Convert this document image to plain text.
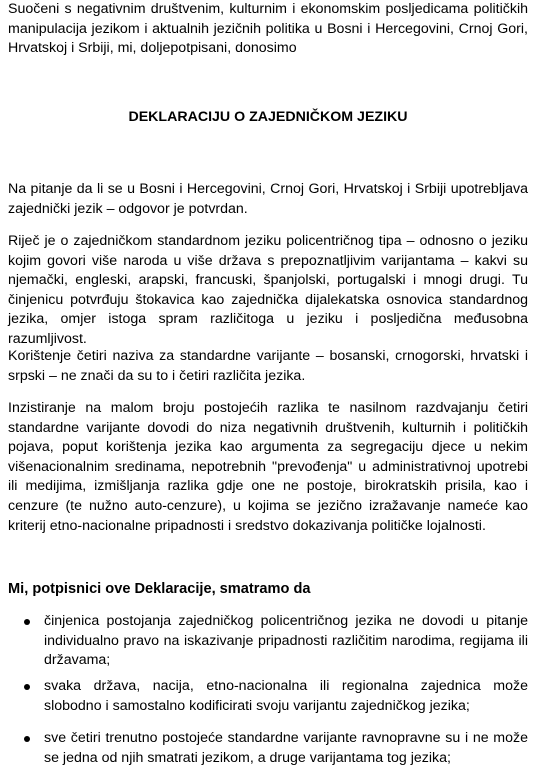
Suočeni s negativnim društvenim, kulturnim i ekonomskim posljedicama političkih manipulacija jezikom i aktualnih jezičnih politika u Bosni i Hercegovini, Crnoj Gori, Hrvatskoj i Srbiji, mi, doljepotpisani, donosimo

DEKLARACIJU O ZAJEDNIČKOM JEZIKU

Na pitanje da li se u Bosni i Hercegovini, Crnoj Gori, Hrvatskoj i Srbiji upotrebljava zajednički jezik – odgovor je potvrdan.

Riječ je o zajedničkom standardnom jeziku policentričnog tipa – odnosno o jeziku kojim govori više naroda u više država s prepoznatljivim varijantama – kakvi su njemački, engleski, arapski, francuski, španjolski, portugalski i mnogi drugi. Tu činjenicu potvrđuju štokavica kao zajednička dijalekatska osnovica standardnog jezika, omjer istoga spram različitoga u jeziku i posljedična međusobna razumljivost.

Korištenje četiri naziva za standardne varijante – bosanski, crnogorski, hrvatski i srpski – ne znači da su to i četiri različita jezika.

Inzistiranje na malom broju postojećih razlika te nasilnom razdvajanju četiri standardne varijante dovodi do niza negativnih društvenih, kulturnih i političkih pojava, poput korištenja jezika kao argumenta za segregaciju djece u nekim višenacionalnim sredinama, nepotrebnih "prevođenja" u administrativnoj upotrebi ili medijima, izmišljanja razlika gdje one ne postoje, birokratskih prisila, kao i cenzure (te nužno auto-cenzure), u kojima se jezično izražavanje nameće kao kriterij etno-nacionalne pripadnosti i sredstvo dokazivanja političke lojalnosti.

Mi, potpisnici ove Deklaracije, smatramo da
činjenica postojanja zajedničkog policentričnog jezika ne dovodi u pitanje individualno pravo na iskazivanje pripadnosti različitim narodima, regijama ili državama;
svaka država, nacija, etno-nacionalna ili regionalna zajednica može slobodno i samostalno kodificirati svoju varijantu zajedničkog jezika;
sve četiri trenutno postojeće standardne varijante ravnopravne su i ne može se jedna od njih smatrati jezikom, a druge varijantama tog jezika;
